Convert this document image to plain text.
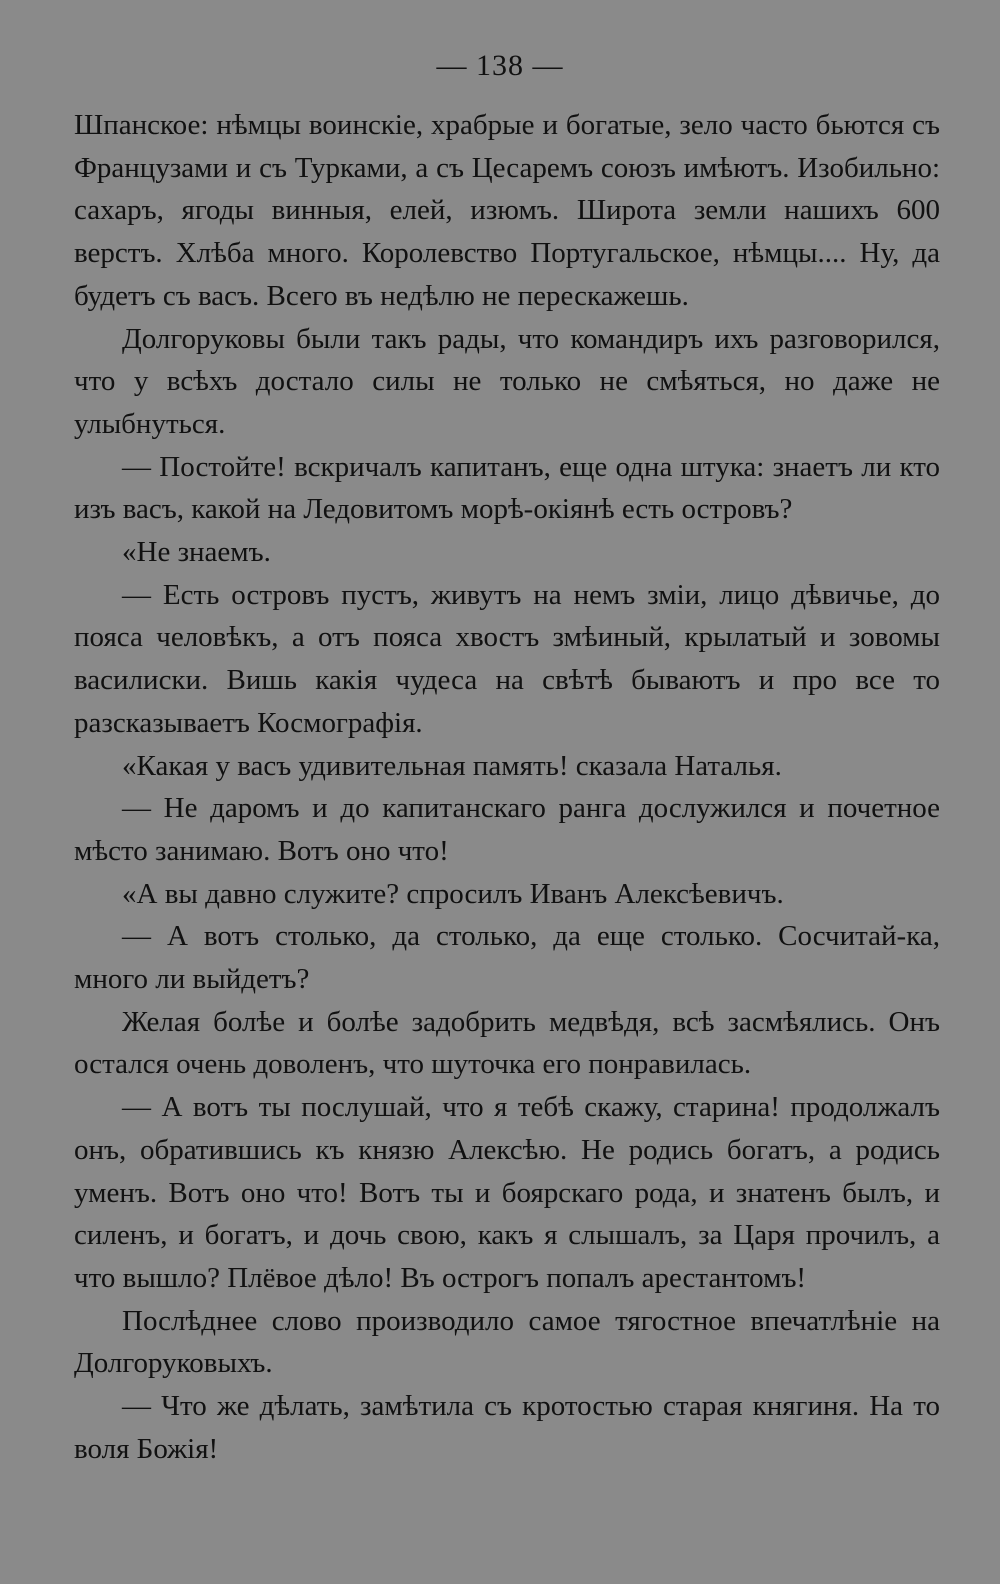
— 138 —

Шпанское: нѣмцы воинскіе, храбрые и богатые, зело часто бьются съ Французами и съ Турками, а съ Цесаремъ союзъ имѣютъ. Изобильно: сахаръ, ягоды винныя, елей, изюмъ. Широта земли нашихъ 600 верстъ. Хлѣба много. Королевство Португальское, нѣмцы.... Ну, да будетъ съ васъ. Всего въ недѣлю не перескажешь.

Долгоруковы были такъ рады, что командиръ ихъ разговорился, что у всѣхъ достало силы не только не смѣяться, но даже не улыбнуться.

— Постойте! вскричалъ капитанъ, еще одна штука: знаетъ ли кто изъ васъ, какой на Ледовитомъ морѣ-окіянѣ есть островъ?

«Не знаемъ.

— Есть островъ пустъ, живутъ на немъ зміи, лицо дѣвичье, до пояса человѣкъ, а отъ пояса хвостъ змѣиный, крылатый и зовомы василиски. Вишь какія чудеса на свѣтѣ бываютъ и про все то разсказываетъ Космографія.

«Какая у васъ удивительная память! сказала Наталья.

— Не даромъ и до капитанскаго ранга дослужился и почетное мѣсто занимаю. Вотъ оно что!

«А вы давно служите? спросилъ Иванъ Алексѣевичъ.

— А вотъ столько, да столько, да еще столько. Сосчитай-ка, много ли выйдетъ?

Желая болѣе и болѣе задобрить медвѣдя, всѣ засмѣялись. Онъ остался очень доволенъ, что шуточка его понравилась.

— А вотъ ты послушай, что я тебѣ скажу, старина! продолжалъ онъ, обратившись къ князю Алексѣю. Не родись богатъ, а родись уменъ. Вотъ оно что! Вотъ ты и боярскаго рода, и знатенъ былъ, и силенъ, и богатъ, и дочь свою, какъ я слышалъ, за Царя прочилъ, а что вышло? Плёвое дѣло! Въ острогъ попалъ арестантомъ!

Послѣднее слово производило самое тягостное впечатлѣніе на Долгоруковыхъ.

— Что же дѣлать, замѣтила съ кротостью старая княгиня. На то воля Божія!
